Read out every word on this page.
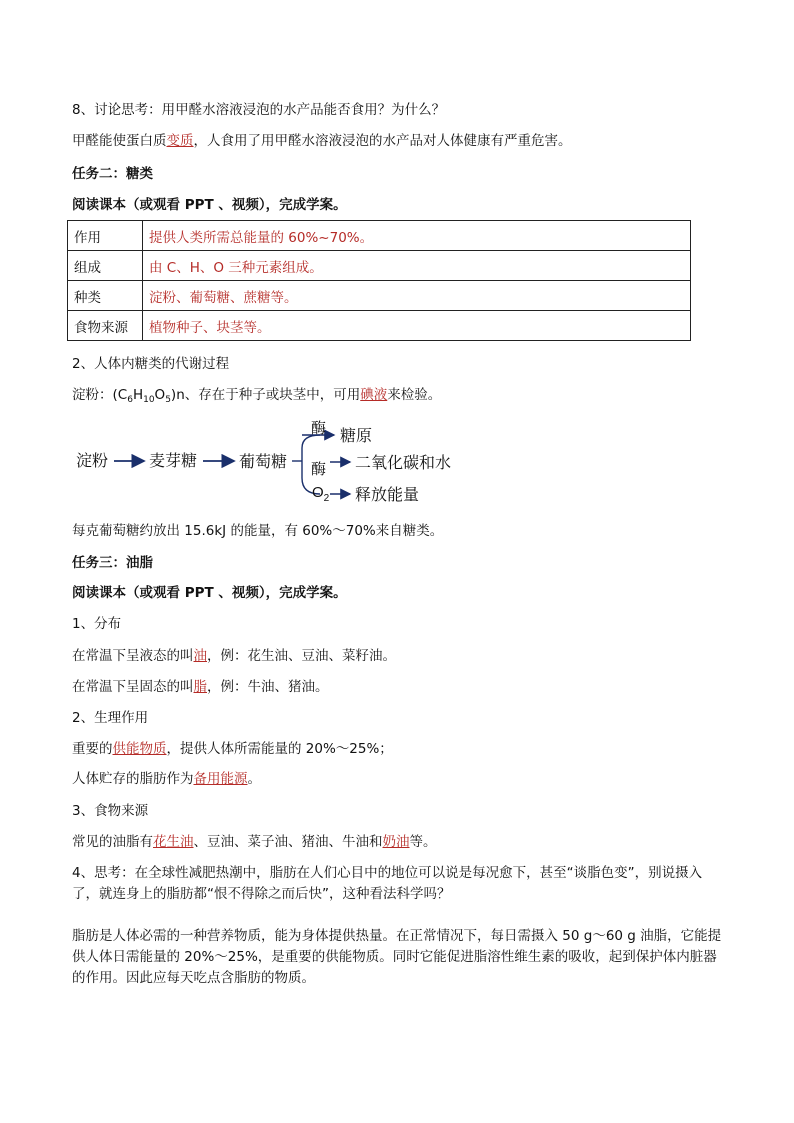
8、讨论思考：用甲醛水溶液浸泡的水产品能否食用？为什么？
甲醛能使蛋白质变质，人食用了用甲醛水溶液浸泡的水产品对人体健康有严重危害。
任务二：糖类
阅读课本（或观看 PPT 、视频），完成学案。
作用	提供人类所需总能量的 60%~70%。
组成	由 C、H、O 三种元素组成。
种类	淀粉、葡萄糖、蔗糖等。
食物来源	植物种子、块茎等。
2、人体内糖类的代谢过程
淀粉：$(C_6H_{10}O_5)n$、存在于种子或块茎中，可用碘液来检验。
淀粉	麦芽糖	葡萄糖
酶 糖原
酶 二氧化碳和水
$O_2$ 释放能量
每克葡萄糖约放出 15.6kJ 的能量，有 60%～70%来自糖类。
任务三：油脂
阅读课本（或观看 PPT 、视频），完成学案。
1、分布
在常温下呈液态的叫油，例：花生油、豆油、菜籽油。
在常温下呈固态的叫脂，例：牛油、猪油。
2、生理作用
重要的供能物质，提供人体所需能量的 20%～25%；
人体贮存的脂肪作为备用能源。
3、食物来源
常见的油脂有花生油、豆油、菜子油、猪油、牛油和奶油等。
4、思考：在全球性减肥热潮中，脂肪在人们心目中的地位可以说是每况愈下，甚至“谈脂色变”，别说摄入了，就连身上的脂肪都“恨不得除之而后快”，这种看法科学吗？
脂肪是人体必需的一种营养物质，能为身体提供热量。在正常情况下，每日需摄入 50 g～60 g 油脂，它能提供人体日需能量的 20%～25%，是重要的供能物质。同时它能促进脂溶性维生素的吸收，起到保护体内脏器的作用。因此应每天吃点含脂肪的物质。
